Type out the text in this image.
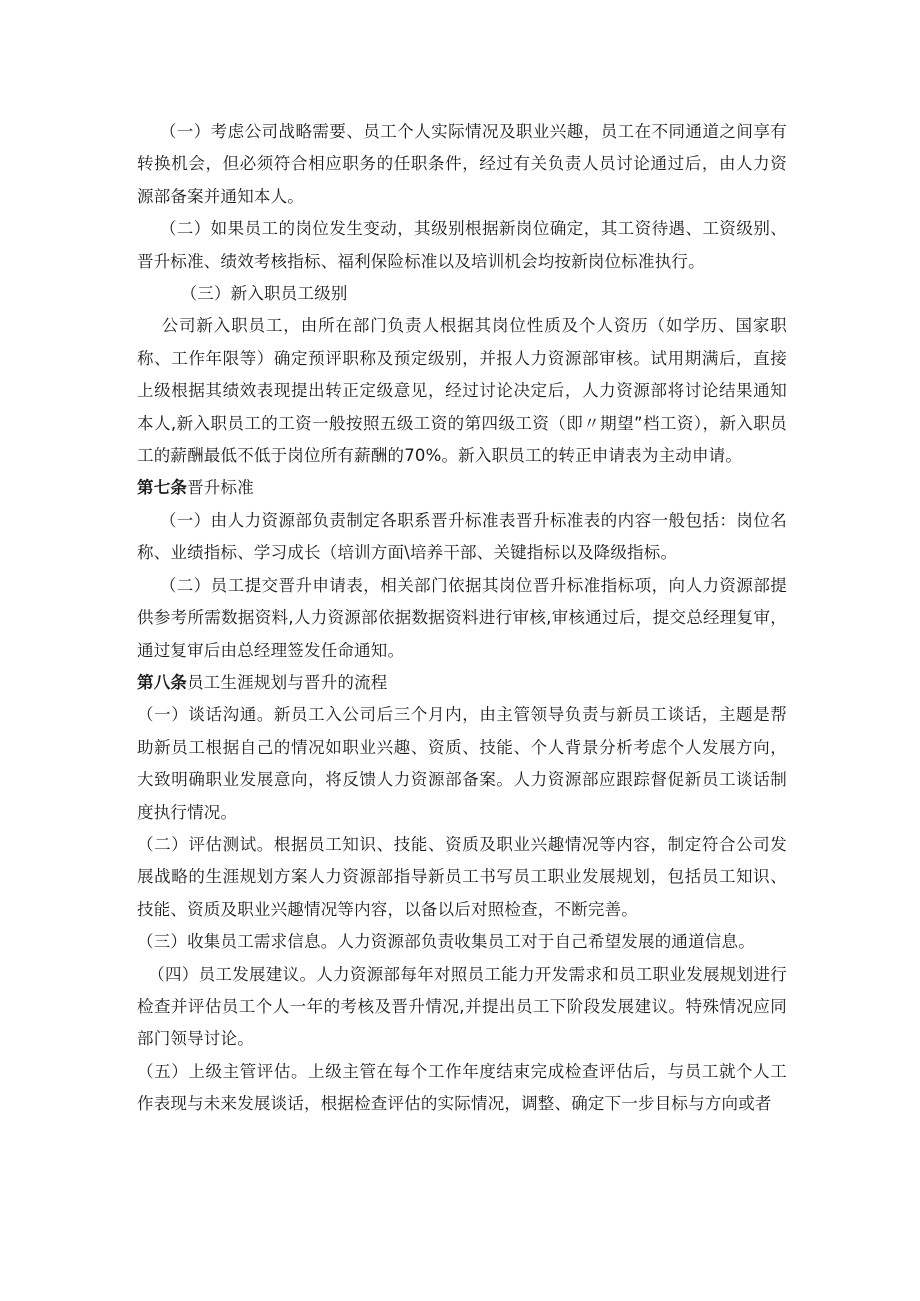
（一）考虑公司战略需要、员工个人实际情况及职业兴趣，员工在不同通道之间享有转换机会，但必须符合相应职务的任职条件，经过有关负责人员讨论通过后，由人力资源部备案并通知本人。

（二）如果员工的岗位发生变动，其级别根据新岗位确定，其工资待遇、工资级别、晋升标准、绩效考核指标、福利保险标准以及培训机会均按新岗位标准执行。

（三）新入职员工级别

公司新入职员工，由所在部门负责人根据其岗位性质及个人资历（如学历、国家职称、工作年限等）确定预评职称及预定级别，并报人力资源部审核。试用期满后，直接上级根据其绩效表现提出转正定级意见，经过讨论决定后，人力资源部将讨论结果通知本人,新入职员工的工资一般按照五级工资的第四级工资（即〃期望”档工资），新入职员工的薪酬最低不低于岗位所有薪酬的70%。新入职员工的转正申请表为主动申请。

第七条晋升标准

（一）由人力资源部负责制定各职系晋升标准表晋升标准表的内容一般包括：岗位名称、业绩指标、学习成长（培训方面\培养干部、关键指标以及降级指标。

（二）员工提交晋升申请表，相关部门依据其岗位晋升标准指标项，向人力资源部提供参考所需数据资料,人力资源部依据数据资料进行审核,审核通过后，提交总经理复审，通过复审后由总经理签发任命通知。

第八条员工生涯规划与晋升的流程

（一）谈话沟通。新员工入公司后三个月内，由主管领导负责与新员工谈话，主题是帮助新员工根据自己的情况如职业兴趣、资质、技能、个人背景分析考虑个人发展方向，大致明确职业发展意向，将反馈人力资源部备案。人力资源部应跟踪督促新员工谈话制度执行情况。

（二）评估测试。根据员工知识、技能、资质及职业兴趣情况等内容，制定符合公司发展战略的生涯规划方案人力资源部指导新员工书写员工职业发展规划，包括员工知识、技能、资质及职业兴趣情况等内容，以备以后对照检查，不断完善。

（三）收集员工需求信息。人力资源部负责收集员工对于自己希望发展的通道信息。

（四）员工发展建议。人力资源部每年对照员工能力开发需求和员工职业发展规划进行检查并评估员工个人一年的考核及晋升情况,并提出员工下阶段发展建议。特殊情况应同部门领导讨论。

（五）上级主管评估。上级主管在每个工作年度结束完成检查评估后，与员工就个人工作表现与未来发展谈话，根据检查评估的实际情况，调整、确定下一步目标与方向或者
